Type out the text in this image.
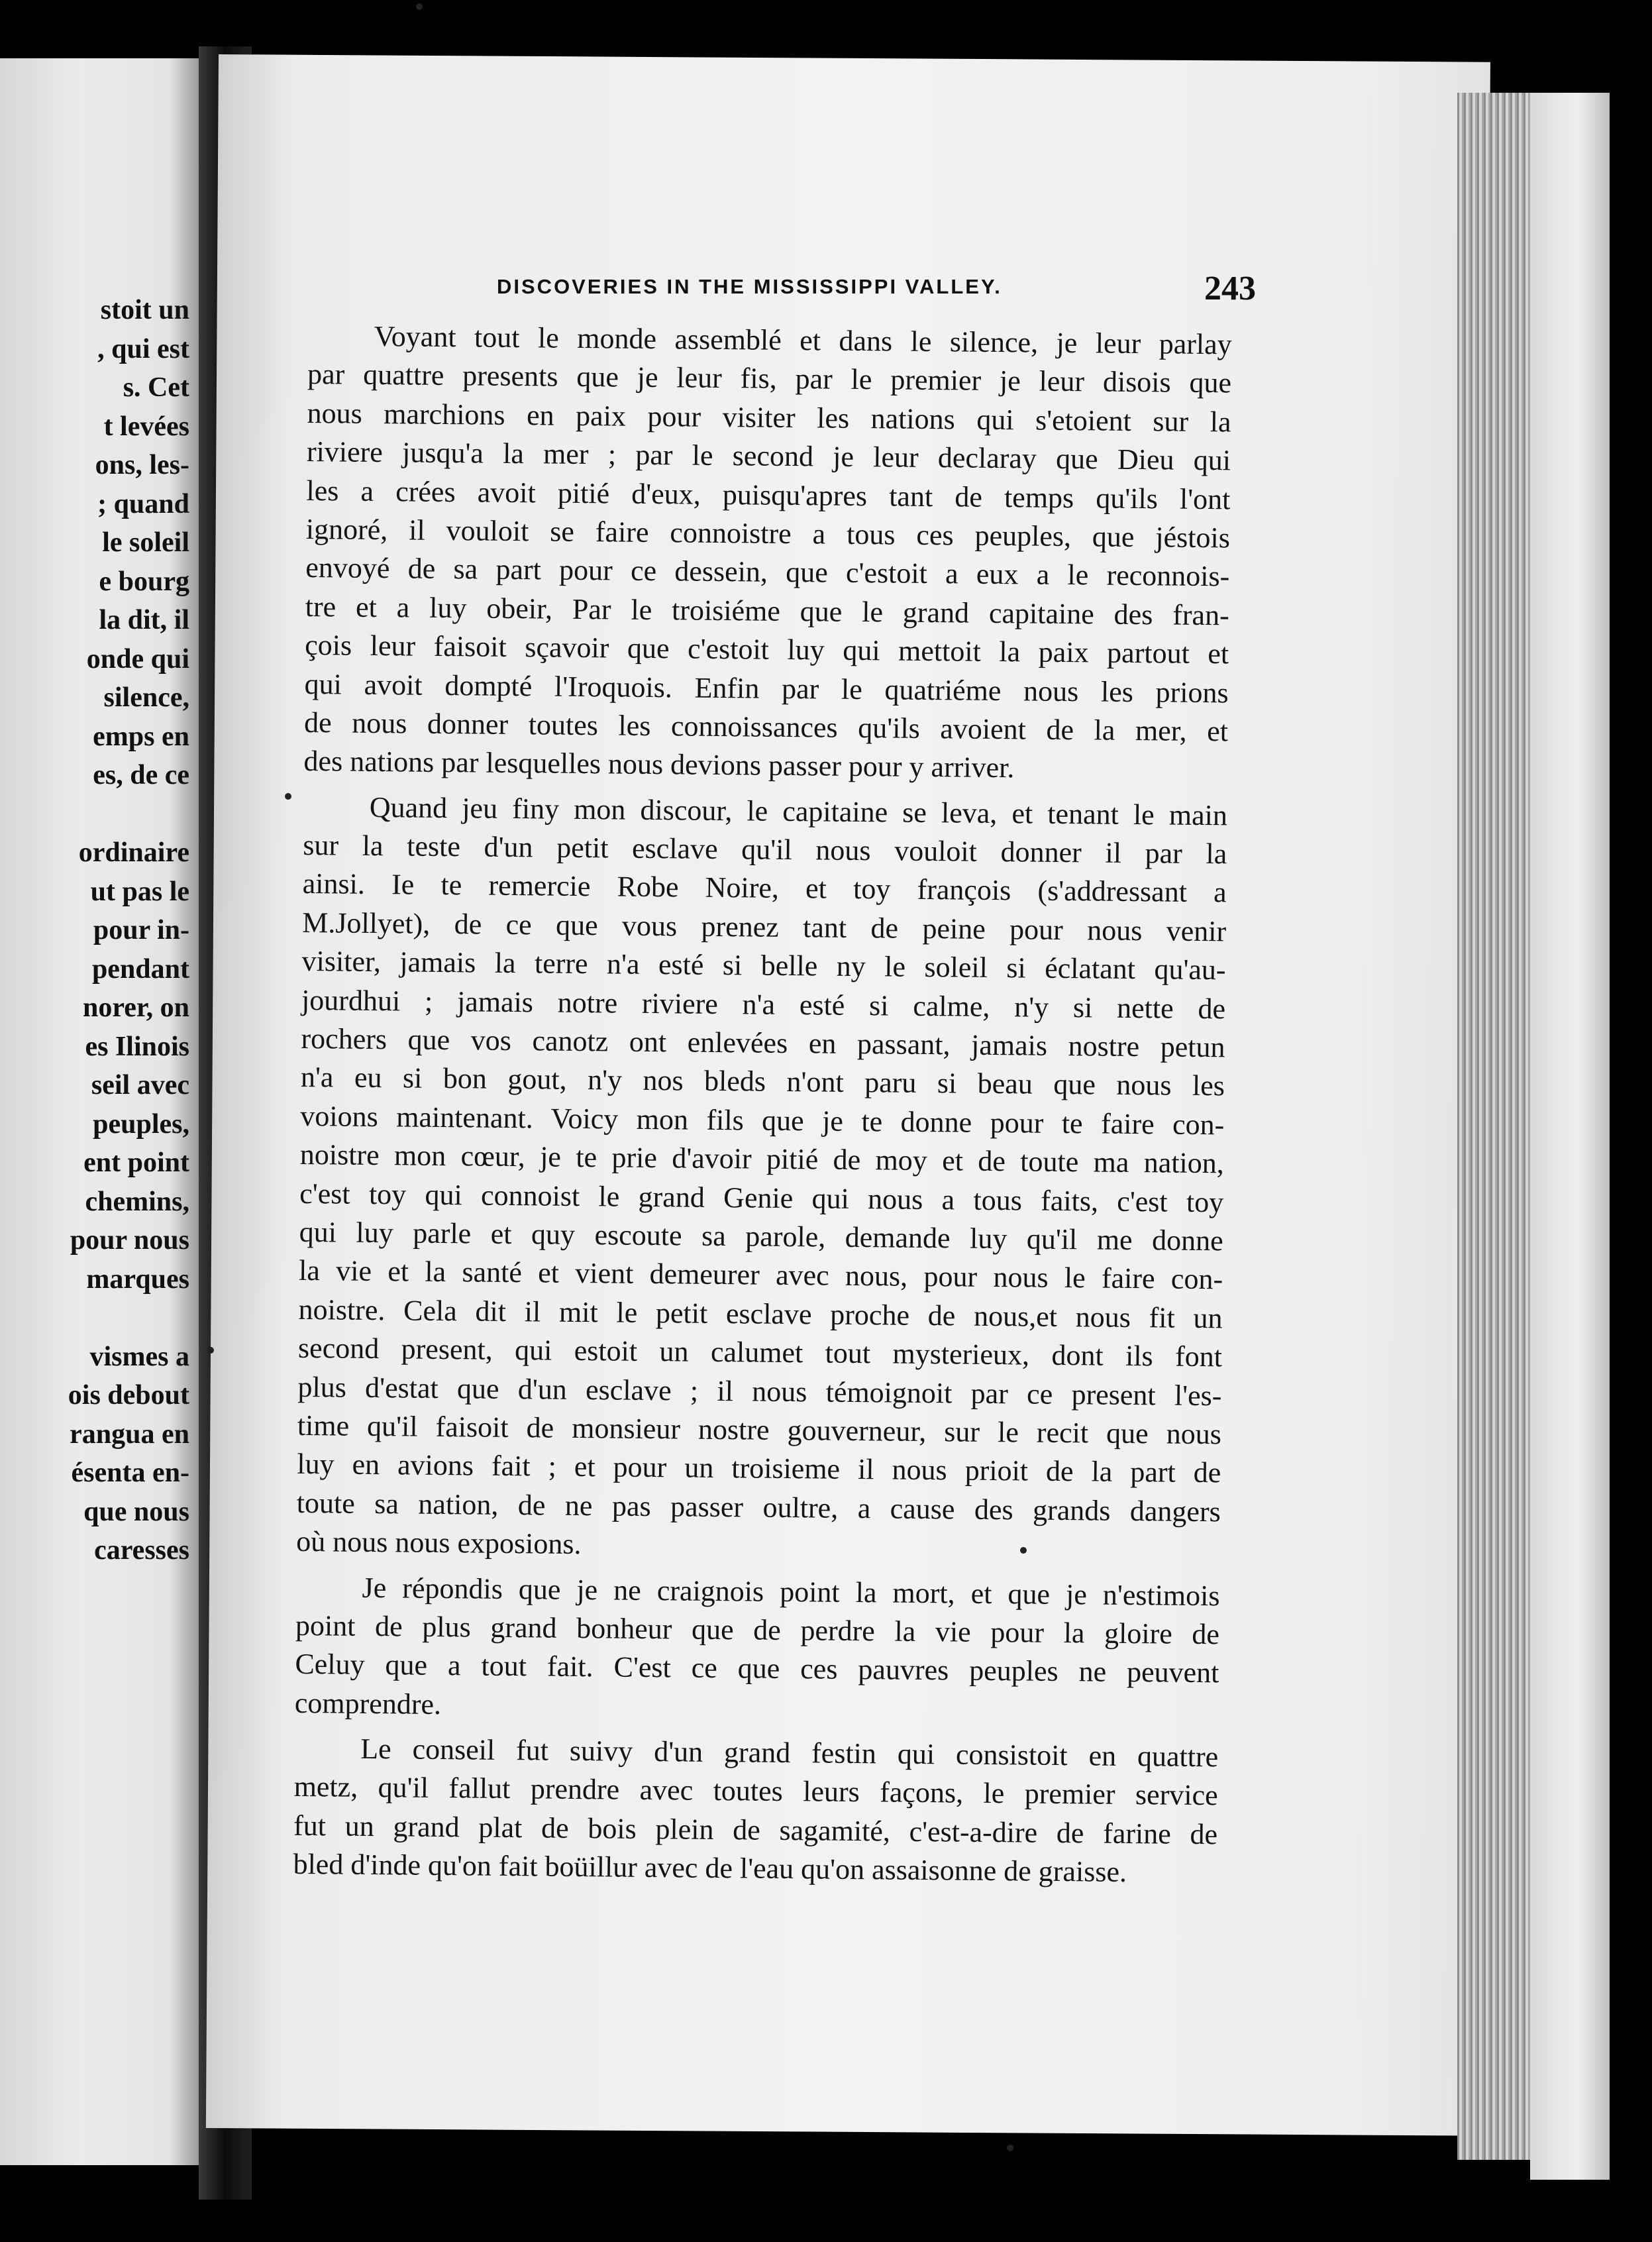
stoit un
, qui est
s. Cet
t levées
ons, les-
; quand
le soleil
e bourg
la dit, il
onde qui
silence,
emps en
es, de ce
ordinaire
ut pas le
pour in-
pendant
norer, on
es Ilinois
seil avec
peuples,
ent point
chemins,
pour nous
marques
vismes a
ois debout
rangua en
ésenta en-
que nous
caresses
DISCOVERIES IN THE MISSISSIPPI VALLEY.	243
Voyant tout le monde assemblé et dans le silence, je leur parlay
par quattre presents que je leur fis, par le premier je leur disois que
nous marchions en paix pour visiter les nations qui s'etoient sur la
riviere jusqu'a la mer ; par le second je leur declaray que Dieu qui
les a crées avoit pitié d'eux, puisqu'apres tant de temps qu'ils l'ont
ignoré, il vouloit se faire connoistre a tous ces peuples, que jéstois
envoyé de sa part pour ce dessein, que c'estoit a eux a le reconnois-
tre et a luy obeir, Par le troisiéme que le grand capitaine des fran-
çois leur faisoit sçavoir que c'estoit luy qui mettoit la paix partout et
qui avoit dompté l'Iroquois. Enfin par le quatriéme nous les prions
de nous donner toutes les connoissances qu'ils avoient de la mer, et
des nations par lesquelles nous devions passer pour y arriver.
Quand jeu finy mon discour, le capitaine se leva, et tenant le main
sur la teste d'un petit esclave qu'il nous vouloit donner il par la
ainsi. Ie te remercie Robe Noire, et toy françois (s'addressant a
M.Jollyet), de ce que vous prenez tant de peine pour nous venir
visiter, jamais la terre n'a esté si belle ny le soleil si éclatant qu'au-
jourdhui ; jamais notre riviere n'a esté si calme, n'y si nette de
rochers que vos canotz ont enlevées en passant, jamais nostre petun
n'a eu si bon gout, n'y nos bleds n'ont paru si beau que nous les
voions maintenant. Voicy mon fils que je te donne pour te faire con-
noistre mon cœur, je te prie d'avoir pitié de moy et de toute ma nation,
c'est toy qui connoist le grand Genie qui nous a tous faits, c'est toy
qui luy parle et quy escoute sa parole, demande luy qu'il me donne
la vie et la santé et vient demeurer avec nous, pour nous le faire con-
noistre. Cela dit il mit le petit esclave proche de nous,et nous fit un
second present, qui estoit un calumet tout mysterieux, dont ils font
plus d'estat que d'un esclave ; il nous témoignoit par ce present l'es-
time qu'il faisoit de monsieur nostre gouverneur, sur le recit que nous
luy en avions fait ; et pour un troisieme il nous prioit de la part de
toute sa nation, de ne pas passer oultre, a cause des grands dangers
où nous nous exposions.
Je répondis que je ne craignois point la mort, et que je n'estimois
point de plus grand bonheur que de perdre la vie pour la gloire de
Celuy que a tout fait. C'est ce que ces pauvres peuples ne peuvent
comprendre.
Le conseil fut suivy d'un grand festin qui consistoit en quattre
metz, qu'il fallut prendre avec toutes leurs façons, le premier service
fut un grand plat de bois plein de sagamité, c'est-a-dire de farine de
bled d'inde qu'on fait boüillur avec de l'eau qu'on assaisonne de graisse.
